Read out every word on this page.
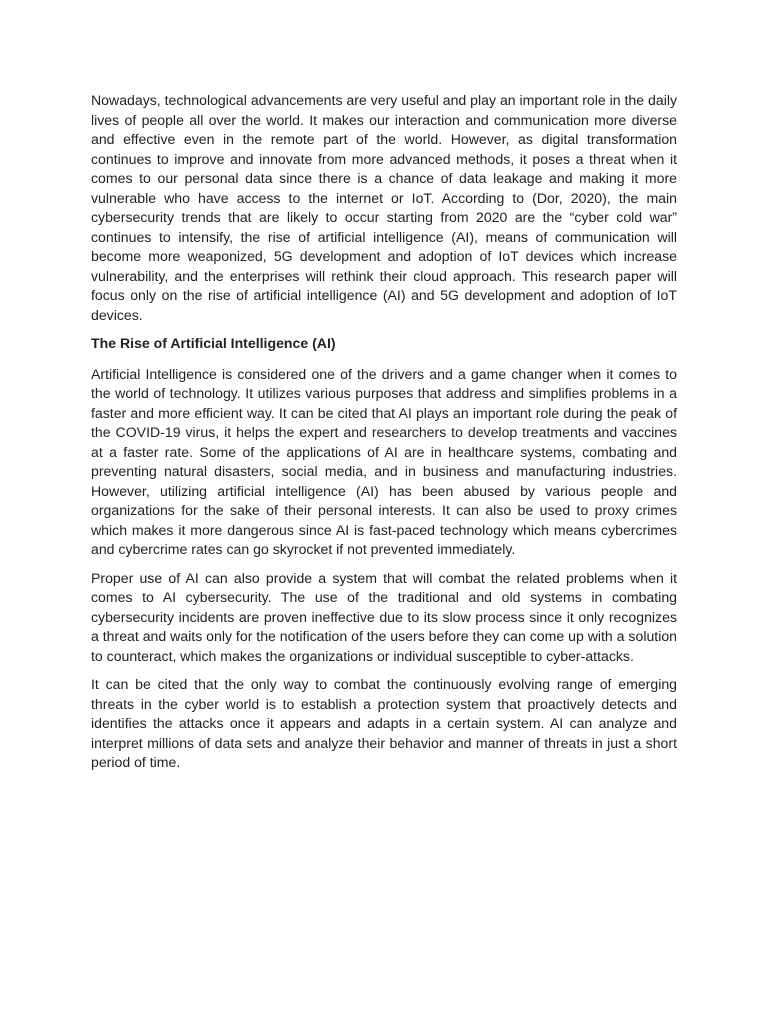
Nowadays, technological advancements are very useful and play an important role in the daily lives of people all over the world. It makes our interaction and communication more diverse and effective even in the remote part of the world. However, as digital transformation continues to improve and innovate from more advanced methods, it poses a threat when it comes to our personal data since there is a chance of data leakage and making it more vulnerable who have access to the internet or IoT. According to (Dor, 2020), the main cybersecurity trends that are likely to occur starting from 2020 are the “cyber cold war” continues to intensify, the rise of artificial intelligence (AI), means of communication will become more weaponized, 5G development and adoption of IoT devices which increase vulnerability, and the enterprises will rethink their cloud approach. This research paper will focus only on the rise of artificial intelligence (AI) and 5G development and adoption of IoT devices.

The Rise of Artificial Intelligence (AI)

Artificial Intelligence is considered one of the drivers and a game changer when it comes to the world of technology. It utilizes various purposes that address and simplifies problems in a faster and more efficient way. It can be cited that AI plays an important role during the peak of the COVID-19 virus, it helps the expert and researchers to develop treatments and vaccines at a faster rate. Some of the applications of AI are in healthcare systems, combating and preventing natural disasters, social media, and in business and manufacturing industries. However, utilizing artificial intelligence (AI) has been abused by various people and organizations for the sake of their personal interests. It can also be used to proxy crimes which makes it more dangerous since AI is fast-paced technology which means cybercrimes and cybercrime rates can go skyrocket if not prevented immediately.

Proper use of AI can also provide a system that will combat the related problems when it comes to AI cybersecurity. The use of the traditional and old systems in combating cybersecurity incidents are proven ineffective due to its slow process since it only recognizes a threat and waits only for the notification of the users before they can come up with a solution to counteract, which makes the organizations or individual susceptible to cyber-attacks.

It can be cited that the only way to combat the continuously evolving range of emerging threats in the cyber world is to establish a protection system that proactively detects and identifies the attacks once it appears and adapts in a certain system. AI can analyze and interpret millions of data sets and analyze their behavior and manner of threats in just a short period of time.
